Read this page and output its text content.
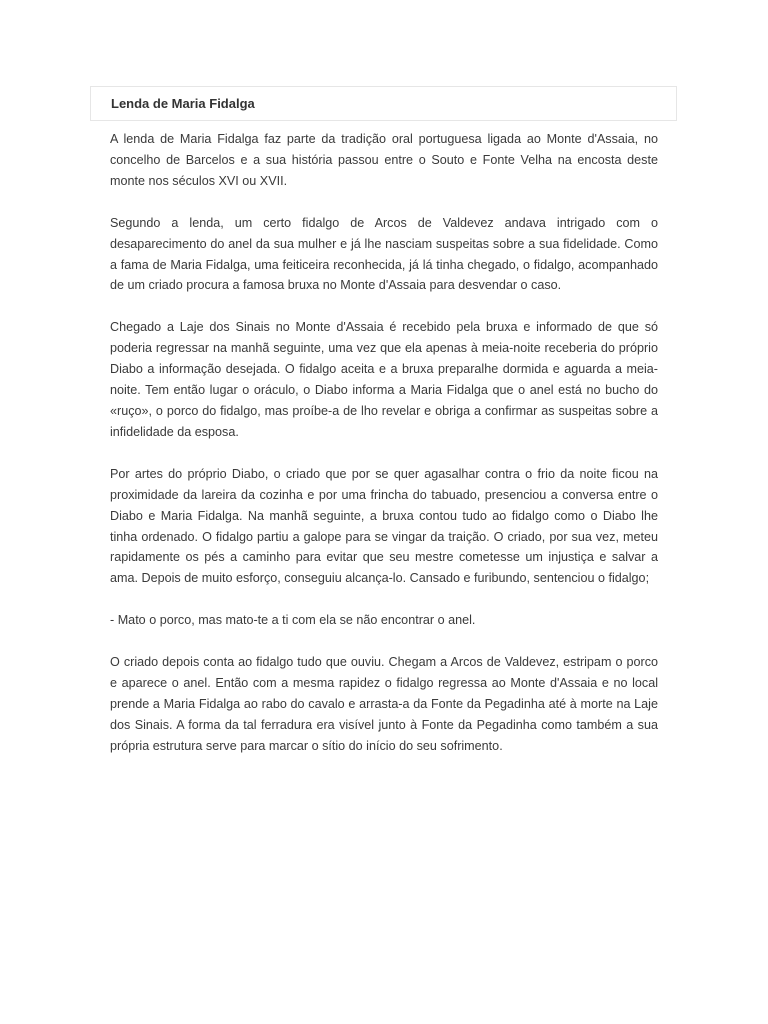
Lenda de Maria Fidalga

A lenda de Maria Fidalga faz parte da tradição oral portuguesa ligada ao Monte d'Assaia, no concelho de Barcelos e a sua história passou entre o Souto e Fonte Velha na encosta deste monte nos séculos XVI ou XVII.

Segundo a lenda, um certo fidalgo de Arcos de Valdevez andava intrigado com o desaparecimento do anel da sua mulher e já lhe nasciam suspeitas sobre a sua fidelidade. Como a fama de Maria Fidalga, uma feiticeira reconhecida, já lá tinha chegado, o fidalgo, acompanhado de um criado procura a famosa bruxa no Monte d'Assaia para desvendar o caso.

Chegado a Laje dos Sinais no Monte d'Assaia é recebido pela bruxa e informado de que só poderia regressar na manhã seguinte, uma vez que ela apenas à meia-noite receberia do próprio Diabo a informação desejada. O fidalgo aceita e a bruxa preparalhe dormida e aguarda a meia-noite. Tem então lugar o oráculo, o Diabo informa a Maria Fidalga que o anel está no bucho do «ruço», o porco do fidalgo, mas proíbe-a de lho revelar e obriga a confirmar as suspeitas sobre a infidelidade da esposa.

Por artes do próprio Diabo, o criado que por se quer agasalhar contra o frio da noite ficou na proximidade da lareira da cozinha e por uma frincha do tabuado, presenciou a conversa entre o Diabo e Maria Fidalga. Na manhã seguinte, a bruxa contou tudo ao fidalgo como o Diabo lhe tinha ordenado. O fidalgo partiu a galope para se vingar da traição. O criado, por sua vez, meteu rapidamente os pés a caminho para evitar que seu mestre cometesse um injustiça e salvar a ama. Depois de muito esforço, conseguiu alcança-lo. Cansado e furibundo, sentenciou o fidalgo;

- Mato o porco, mas mato-te a ti com ela se não encontrar o anel.

O criado depois conta ao fidalgo tudo que ouviu. Chegam a Arcos de Valdevez, estripam o porco e aparece o anel. Então com a mesma rapidez o fidalgo regressa ao Monte d'Assaia e no local prende a Maria Fidalga ao rabo do cavalo e arrasta-a da Fonte da Pegadinha até à morte na Laje dos Sinais. A forma da tal ferradura era visível junto à Fonte da Pegadinha como também a sua própria estrutura serve para marcar o sítio do início do seu sofrimento.
